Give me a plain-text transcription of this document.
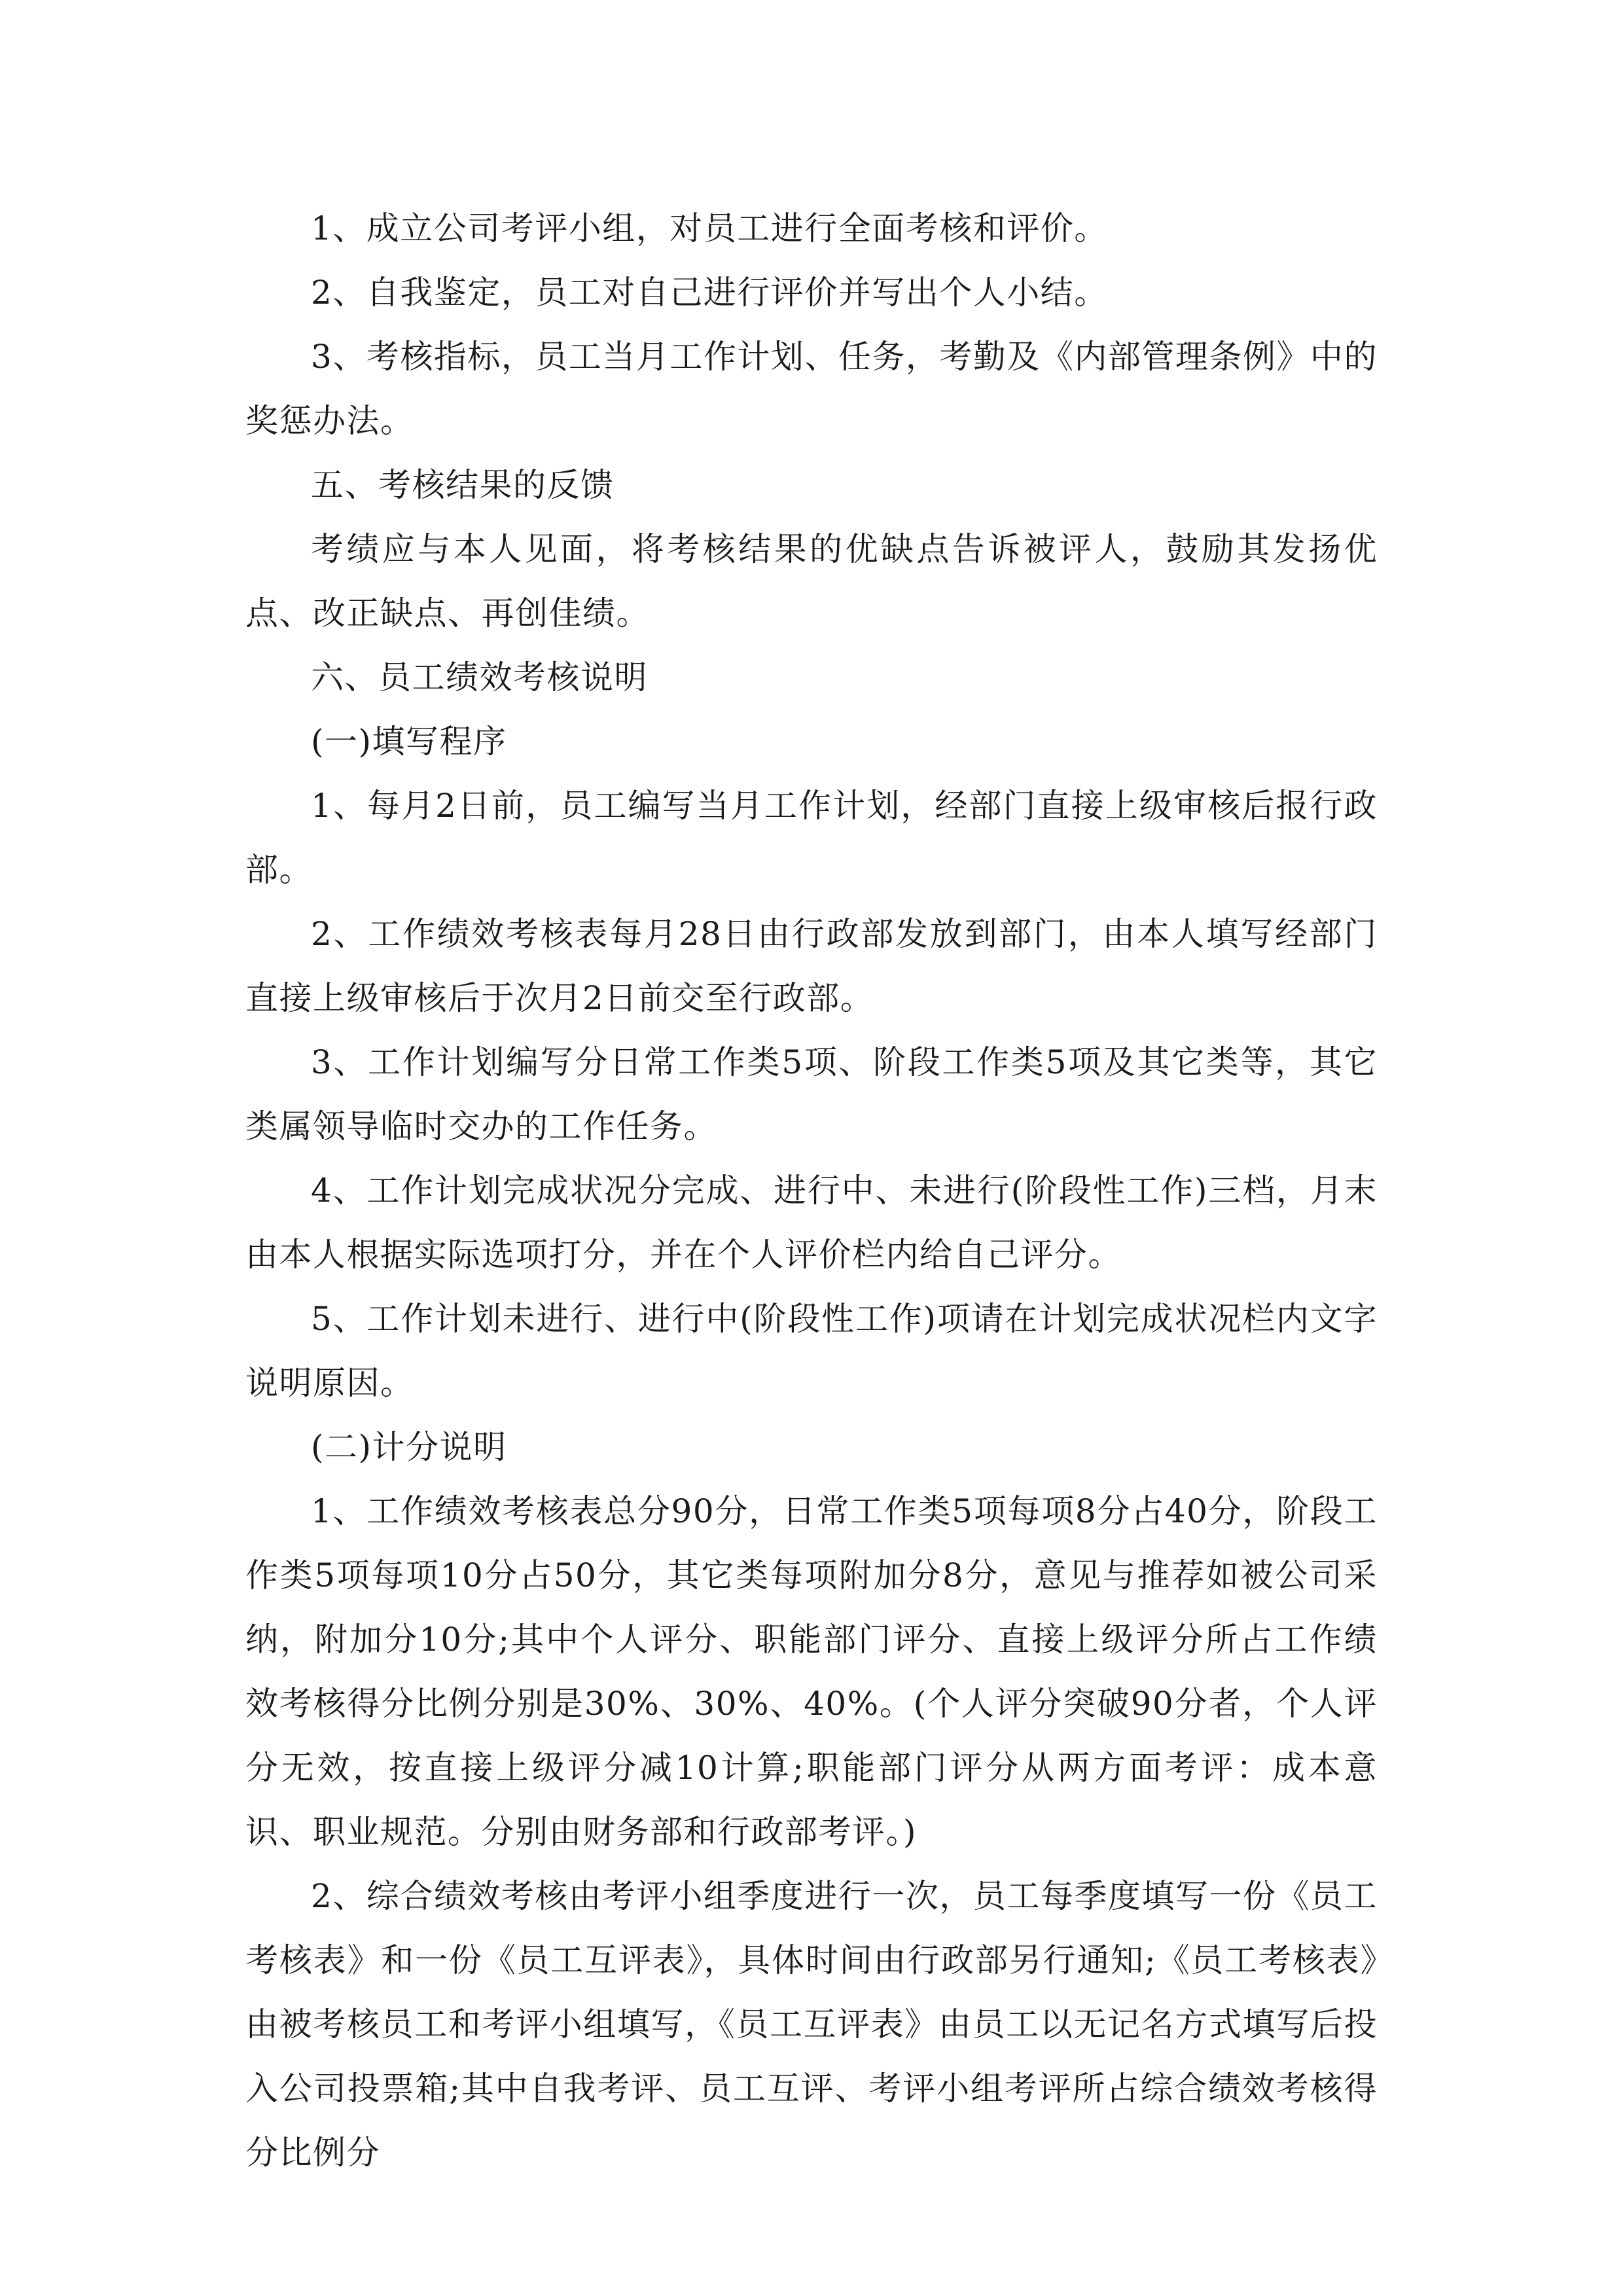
1、成立公司考评小组，对员工进行全面考核和评价。

2、自我鉴定，员工对自己进行评价并写出个人小结。

3、考核指标，员工当月工作计划、任务，考勤及《内部管理条例》中的奖惩办法。

五、考核结果的反馈

考绩应与本人见面，将考核结果的优缺点告诉被评人，鼓励其发扬优点、改正缺点、再创佳绩。

六、员工绩效考核说明

(一)填写程序

1、每月2日前，员工编写当月工作计划，经部门直接上级审核后报行政部。

2、工作绩效考核表每月28日由行政部发放到部门，由本人填写经部门直接上级审核后于次月2日前交至行政部。

3、工作计划编写分日常工作类5项、阶段工作类5项及其它类等，其它类属领导临时交办的工作任务。

4、工作计划完成状况分完成、进行中、未进行(阶段性工作)三档，月末由本人根据实际选项打分，并在个人评价栏内给自己评分。

5、工作计划未进行、进行中(阶段性工作)项请在计划完成状况栏内文字说明原因。

(二)计分说明

1、工作绩效考核表总分90分，日常工作类5项每项8分占40分，阶段工作类5项每项10分占50分，其它类每项附加分8分，意见与推荐如被公司采纳，附加分10分;其中个人评分、职能部门评分、直接上级评分所占工作绩效考核得分比例分别是30%、30%、40%。(个人评分突破90分者，个人评分无效，按直接上级评分减10计算;职能部门评分从两方面考评：成本意识、职业规范。分别由财务部和行政部考评。)

2、综合绩效考核由考评小组季度进行一次，员工每季度填写一份《员工考核表》和一份《员工互评表》，具体时间由行政部另行通知;《员工考核表》由被考核员工和考评小组填写，《员工互评表》由员工以无记名方式填写后投入公司投票箱;其中自我考评、员工互评、考评小组考评所占综合绩效考核得分比例分
